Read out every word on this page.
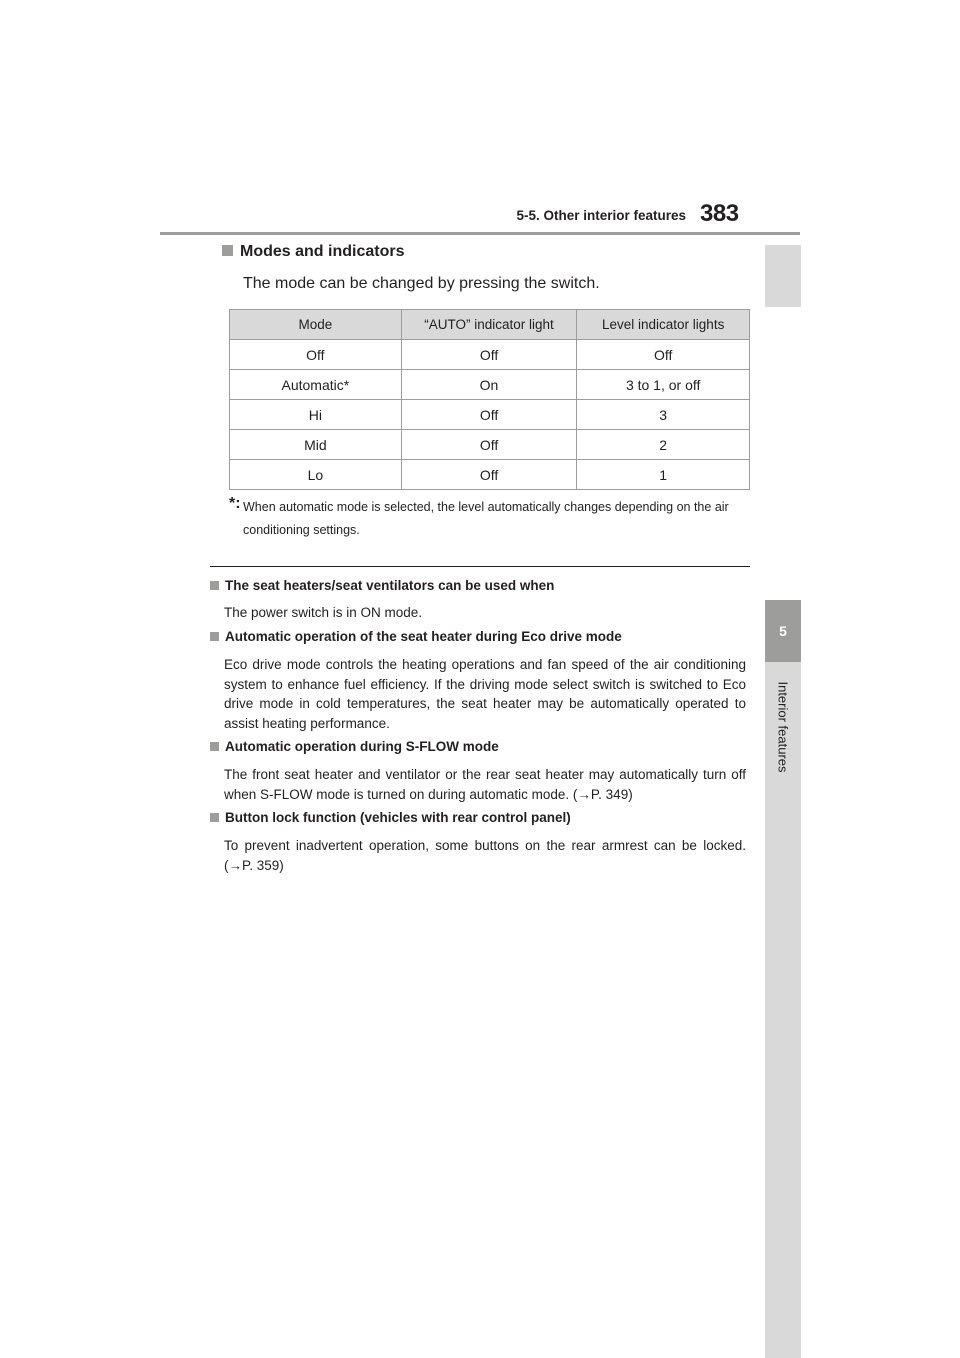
5-5. Other interior features 383
5
Interior features
Modes and indicators
The mode can be changed by pressing the switch.
Mode	“AUTO” indicator light	Level indicator lights
Off	Off	Off
Automatic*	On	3 to 1, or off
Hi	Off	3
Mid	Off	2
Lo	Off	1
*: When automatic mode is selected, the level automatically changes depending on the air conditioning settings.
The seat heaters/seat ventilators can be used when
The power switch is in ON mode.
Automatic operation of the seat heater during Eco drive mode
Eco drive mode controls the heating operations and fan speed of the air conditioning system to enhance fuel efficiency. If the driving mode select switch is switched to Eco drive mode in cold temperatures, the seat heater may be automatically operated to assist heating performance.
Automatic operation during S-FLOW mode
The front seat heater and ventilator or the rear seat heater may automatically turn off when S-FLOW mode is turned on during automatic mode. (→P. 349)
Button lock function (vehicles with rear control panel)
To prevent inadvertent operation, some buttons on the rear armrest can be locked. (→P. 359)
